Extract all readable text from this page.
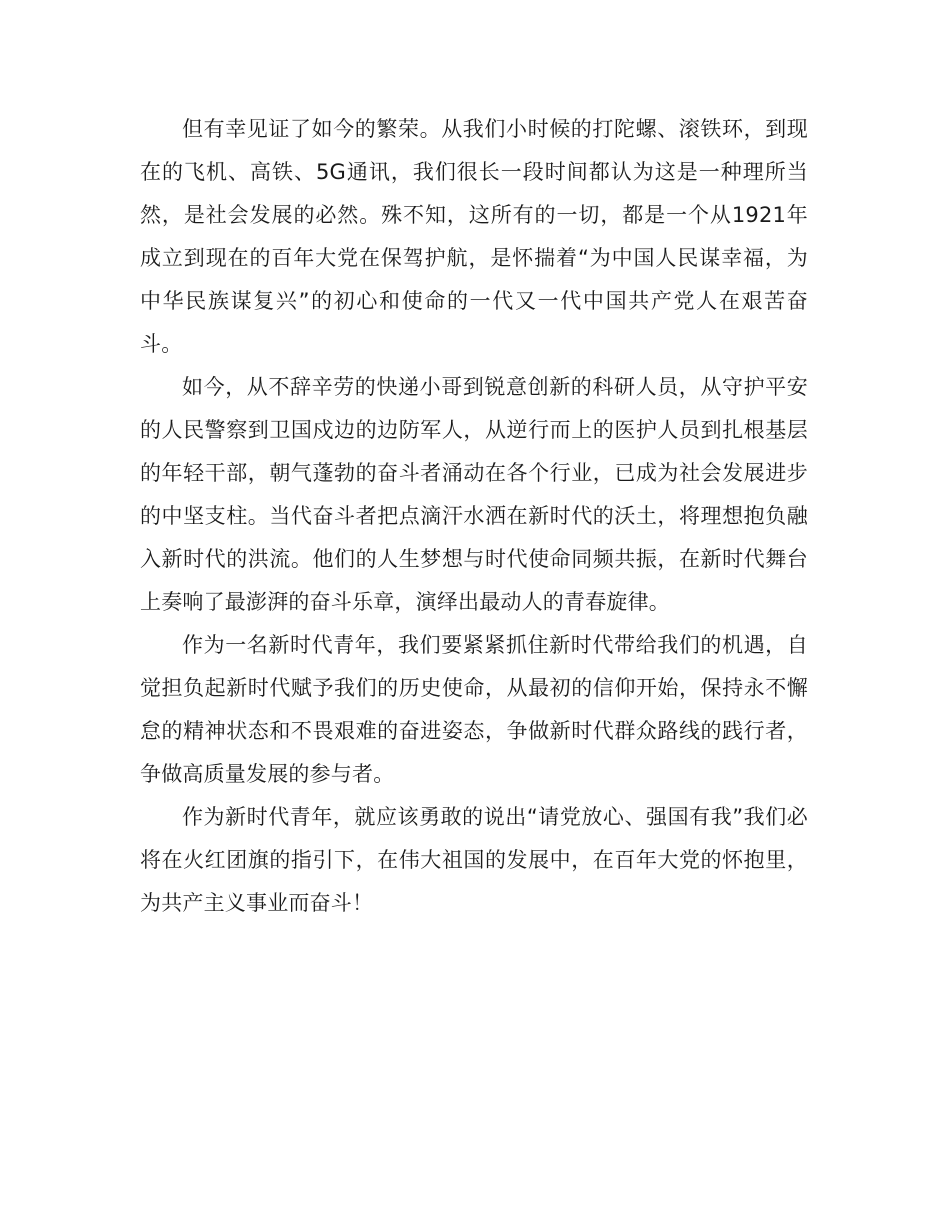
但有幸见证了如今的繁荣。从我们小时候的打陀螺、滚铁环，到现在的飞机、高铁、5G通讯，我们很长一段时间都认为这是一种理所当然，是社会发展的必然。殊不知，这所有的一切，都是一个从1921年成立到现在的百年大党在保驾护航，是怀揣着“为中国人民谋幸福，为中华民族谋复兴”的初心和使命的一代又一代中国共产党人在艰苦奋斗。

如今，从不辞辛劳的快递小哥到锐意创新的科研人员，从守护平安的人民警察到卫国戍边的边防军人，从逆行而上的医护人员到扎根基层的年轻干部，朝气蓬勃的奋斗者涌动在各个行业，已成为社会发展进步的中坚支柱。当代奋斗者把点滴汗水洒在新时代的沃土，将理想抱负融入新时代的洪流。他们的人生梦想与时代使命同频共振，在新时代舞台上奏响了最澎湃的奋斗乐章，演绎出最动人的青春旋律。

作为一名新时代青年，我们要紧紧抓住新时代带给我们的机遇，自觉担负起新时代赋予我们的历史使命，从最初的信仰开始，保持永不懈怠的精神状态和不畏艰难的奋进姿态，争做新时代群众路线的践行者，争做高质量发展的参与者。

作为新时代青年，就应该勇敢的说出“请党放心、强国有我”我们必将在火红团旗的指引下，在伟大祖国的发展中，在百年大党的怀抱里，为共产主义事业而奋斗！
